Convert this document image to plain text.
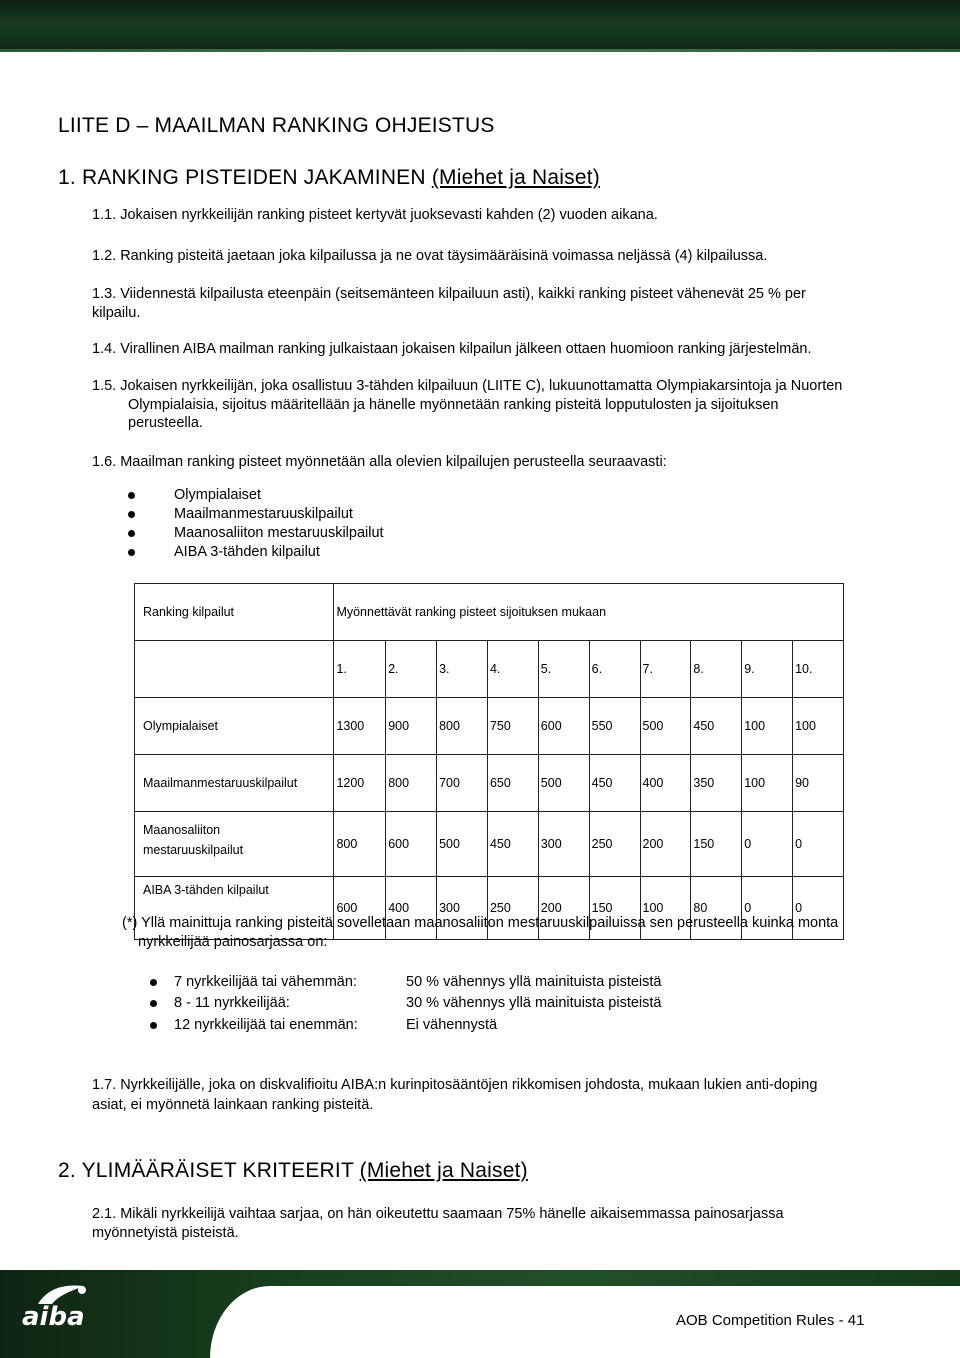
LIITE D – MAAILMAN RANKING OHJEISTUS
1. RANKING PISTEIDEN JAKAMINEN (Miehet ja Naiset)
1.1. Jokaisen nyrkkeilijän ranking pisteet kertyvät juoksevasti kahden (2) vuoden aikana.
1.2. Ranking pisteitä jaetaan joka kilpailussa ja ne ovat täysimääräisinä voimassa neljässä (4) kilpailussa.
1.3. Viidennestä kilpailusta eteenpäin (seitsemänteen kilpailuun asti), kaikki ranking pisteet vähenevät 25 % per
kilpailu.
1.4. Virallinen AIBA mailman ranking julkaistaan jokaisen kilpailun jälkeen ottaen huomioon ranking järjestelmän.
1.5. Jokaisen nyrkkeilijän, joka osallistuu 3-tähden kilpailuun (LIITE C), lukuunottamatta Olympiakarsintoja ja Nuorten
Olympialaisia, sijoitus määritellään ja hänelle myönnetään ranking pisteitä lopputulosten ja sijoituksen
perusteella.
1.6. Maailman ranking pisteet myönnetään alla olevien kilpailujen perusteella seuraavasti:
Olympialaiset
Maailmanmestaruuskilpailut
Maanosaliiton mestaruuskilpailut
AIBA 3-tähden kilpailut
Ranking kilpailut	Myönnettävät ranking pisteet sijoituksen mukaan									
	1.	2.	3.	4.	5.	6.	7.	8.	9.	10.
Olympialaiset	1300	900	800	750	600	550	500	450	100	100
Maailmanmestaruuskilpailut	1200	800	700	650	500	450	400	350	100	90
Maanosaliiton
mestaruuskilpailut	800	600	500	450	300	250	200	150	0	0
AIBA 3-tähden kilpailut	600	400	300	250	200	150	100	80	0	0
(*) Yllä mainittuja ranking pisteitä sovelletaan maanosaliiton mestaruuskilpailuissa sen perusteella kuinka monta
nyrkkeilijää painosarjassa on:
7 nyrkkeilijää tai vähemmän:	50 % vähennys yllä mainituista pisteistä
8 - 11 nyrkkeilijää:	30 % vähennys yllä mainituista pisteistä
12 nyrkkeilijää tai enemmän:	Ei vähennystä
1.7. Nyrkkeilijälle, joka on diskvalifioitu AIBA:n kurinpitosääntöjen rikkomisen johdosta, mukaan lukien anti-doping
asiat, ei myönnetä lainkaan ranking pisteitä.
2. YLIMÄÄRÄISET KRITEERIT (Miehet ja Naiset)
2.1. Mikäli nyrkkeilijä vaihtaa sarjaa, on hän oikeutettu saamaan 75% hänelle aikaisemmassa painosarjassa
myönnetyistä pisteistä.
aiba	AOB Competition Rules - 41
